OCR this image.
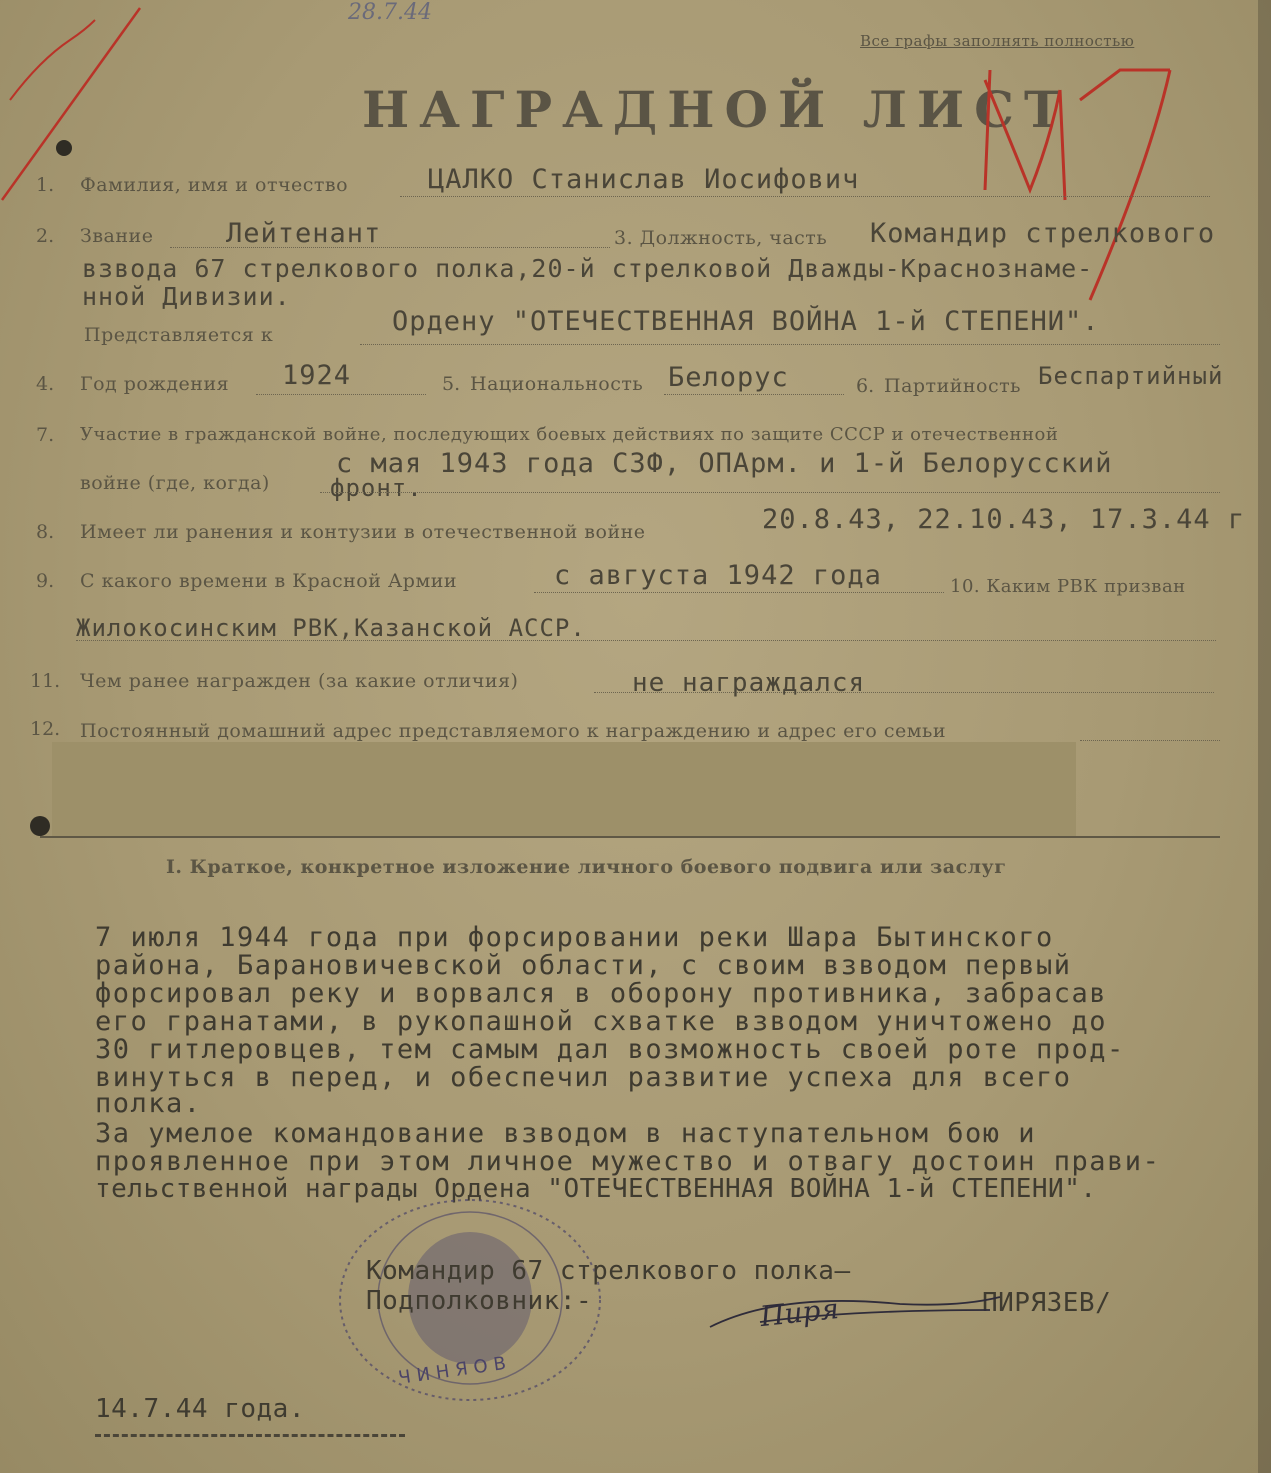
28.7.44
Все графы заполнять полностью
НАГРАДНОЙ ЛИСТ
1. Фамилия, имя и отчество	ЦАЛКО Станислав Иосифович
2. Звание	Лейтенант	3. Должность, часть Командир стрелкового
взвода 67 стрелкового полка,20-й стрелковой Дважды-Краснознаме-
нной Дивизии.
Представляется к	Ордену "ОТЕЧЕСТВЕННАЯ ВОЙНА 1-й СТЕПЕНИ".
4. Год рождения 1924	5. Национальность Белорус	6. Партийность Беспартийный
7. Участие в гражданской войне, последующих боевых действиях по защите СССР и отечественной
войне (где, когда)
с мая 1943 года СЗФ, ОПАрм. и 1-й Белорусский
фронт.
8. Имеет ли ранения и контузии в отечественной войне	20.8.43, 22.10.43, 17.3.44 г
9. С какого времени в Красной Армии	с августа 1942 года	10. Каким РВК призван
Жилокосинским РВК,Казанской АССР.
11. Чем ранее награжден (за какие отличия)	не награждался
12. Постоянный домашний адрес представляемого к награждению и адрес его семьи
I. Краткое, конкретное изложение личного боевого подвига или заслуг
7 июля 1944 года при форсировании реки Шара Бытинского
района, Барановичевской области, с своим взводом первый
форсировал реку и ворвался в оборону противника, забрасав
его гранатами, в рукопашной схватке взводом уничтожено до
30 гитлеровцев, тем самым дал возможность своей роте прод-
винуться в перед, и обеспечил развитие успеха для всего
полка.
За умелое командование взводом в наступательном бою и
проявленное при этом личное мужество и отвагу достоин прави-
тельственной награды Ордена "ОТЕЧЕСТВЕННАЯ ВОЙНА 1-й СТЕПЕНИ".
ЧИНЯОВ
Командир 67 стрелкового полка—
Подполковник:-	ПИРЯЗЕВ/
Пиря
14.7.44 года.
